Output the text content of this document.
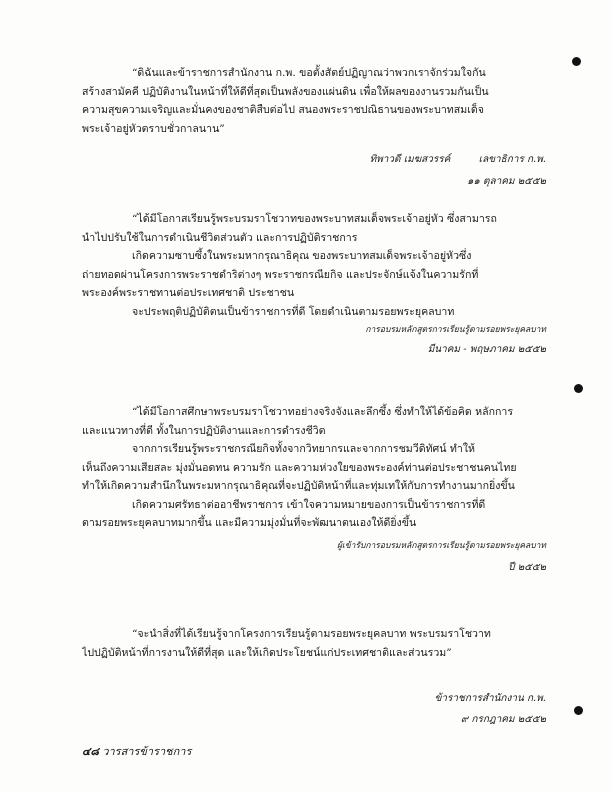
“ดิฉันและข้าราชการสำนักงาน ก.พ. ขอตั้งสัตย์ปฏิญาณว่าพวกเราจักร่วมใจกัน
สร้างสามัคคี ปฏิบัติงานในหน้าที่ให้ดีที่สุดเป็นพลังของแผ่นดิน เพื่อให้ผลของงานรวมกันเป็น
ความสุขความเจริญและมั่นคงของชาติสืบต่อไป สนองพระราชปณิธานของพระบาทสมเด็จ
พระเจ้าอยู่หัวตราบชั่วกาลนาน”
ทิพาวดี เมฆสวรรค์	เลขาธิการ ก.พ.
๑๑ ตุลาคม ๒๕๕๒
“ได้มีโอกาสเรียนรู้พระบรมราโชวาทของพระบาทสมเด็จพระเจ้าอยู่หัว ซึ่งสามารถ
นำไปปรับใช้ในการดำเนินชีวิตส่วนตัว และการปฏิบัติราชการ
เกิดความซาบซึ้งในพระมหากรุณาธิคุณ ของพระบาทสมเด็จพระเจ้าอยู่หัวซึ่ง
ถ่ายทอดผ่านโครงการพระราชดำริต่างๆ พระราชกรณียกิจ และประจักษ์แจ้งในความรักที่
พระองค์พระราชทานต่อประเทศชาติ ประชาชน
จะประพฤติปฏิบัติตนเป็นข้าราชการที่ดี โดยดำเนินตามรอยพระยุคลบาท
การอบรมหลักสูตรการเรียนรู้ตามรอยพระยุคลบาท
มีนาคม - พฤษภาคม ๒๕๕๒
“ได้มีโอกาสศึกษาพระบรมราโชวาทอย่างจริงจังและลึกซึ้ง ซึ่งทำให้ได้ข้อคิด หลักการ
และแนวทางที่ดี ทั้งในการปฏิบัติงานและการดำรงชีวิต
จากการเรียนรู้พระราชกรณียกิจทั้งจากวิทยากรและจากการชมวีดิทัศน์ ทำให้
เห็นถึงความเสียสละ มุ่งมั่นอดทน ความรัก และความห่วงใยของพระองค์ท่านต่อประชาชนคนไทย
ทำให้เกิดความสำนึกในพระมหากรุณาธิคุณที่จะปฏิบัติหน้าที่และทุ่มเทให้กับการทำงานมากยิ่งขึ้น
เกิดความศรัทธาต่ออาชีพราชการ เข้าใจความหมายของการเป็นข้าราชการที่ดี
ตามรอยพระยุคลบาทมากขึ้น และมีความมุ่งมั่นที่จะพัฒนาตนเองให้ดียิ่งขึ้น
ผู้เข้ารับการอบรมหลักสูตรการเรียนรู้ตามรอยพระยุคลบาท
ปี ๒๕๕๒
“จะนำสิ่งที่ได้เรียนรู้จากโครงการเรียนรู้ตามรอยพระยุคลบาท พระบรมราโชวาท
ไปปฏิบัติหน้าที่การงานให้ดีที่สุด และให้เกิดประโยชน์แก่ประเทศชาติและส่วนรวม”
ข้าราชการสำนักงาน ก.พ.
๙ กรกฎาคม ๒๕๕๒
๔๘ วารสารข้าราชการ
